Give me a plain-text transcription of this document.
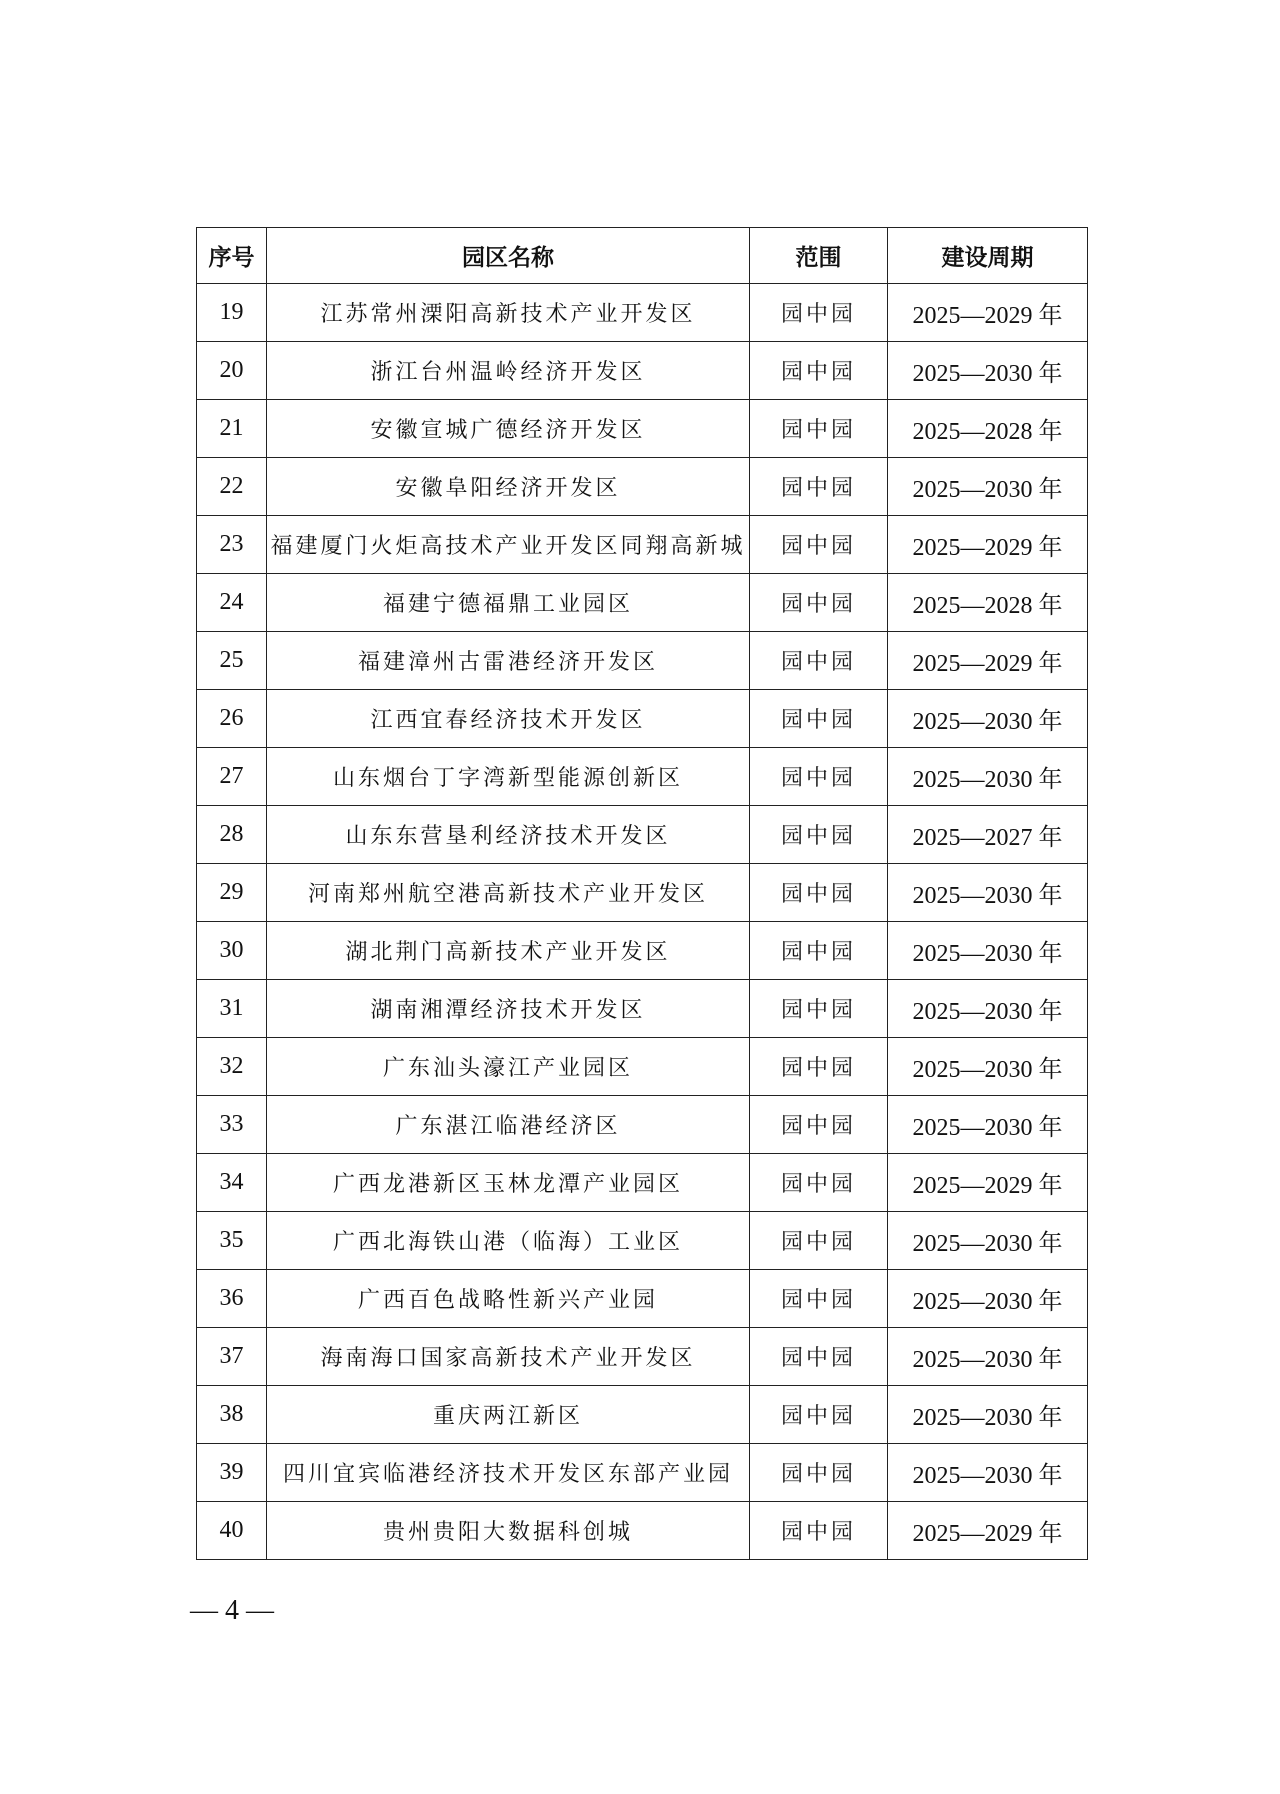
序号	园区名称	范围	建设周期
19	江苏常州溧阳高新技术产业开发区	园中园	2025—2029 年
20	浙江台州温岭经济开发区	园中园	2025—2030 年
21	安徽宣城广德经济开发区	园中园	2025—2028 年
22	安徽阜阳经济开发区	园中园	2025—2030 年
23	福建厦门火炬高技术产业开发区同翔高新城	园中园	2025—2029 年
24	福建宁德福鼎工业园区	园中园	2025—2028 年
25	福建漳州古雷港经济开发区	园中园	2025—2029 年
26	江西宜春经济技术开发区	园中园	2025—2030 年
27	山东烟台丁字湾新型能源创新区	园中园	2025—2030 年
28	山东东营垦利经济技术开发区	园中园	2025—2027 年
29	河南郑州航空港高新技术产业开发区	园中园	2025—2030 年
30	湖北荆门高新技术产业开发区	园中园	2025—2030 年
31	湖南湘潭经济技术开发区	园中园	2025—2030 年
32	广东汕头濠江产业园区	园中园	2025—2030 年
33	广东湛江临港经济区	园中园	2025—2030 年
34	广西龙港新区玉林龙潭产业园区	园中园	2025—2029 年
35	广西北海铁山港（临海）工业区	园中园	2025—2030 年
36	广西百色战略性新兴产业园	园中园	2025—2030 年
37	海南海口国家高新技术产业开发区	园中园	2025—2030 年
38	重庆两江新区	园中园	2025—2030 年
39	四川宜宾临港经济技术开发区东部产业园	园中园	2025—2030 年
40	贵州贵阳大数据科创城	园中园	2025—2029 年
— 4 —
